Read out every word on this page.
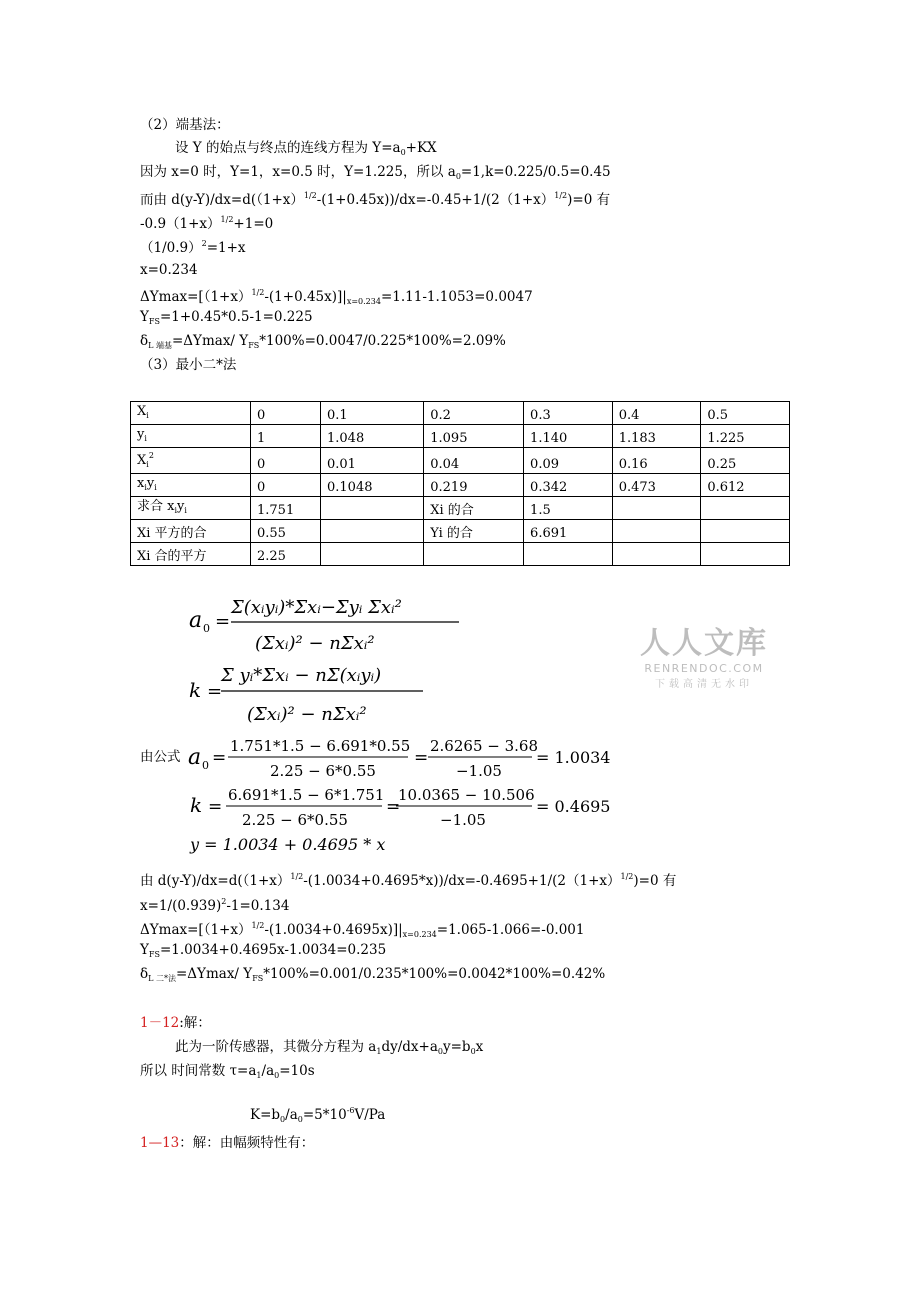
（2）端基法：
设 Y 的始点与终点的连线方程为 $Y=a_0+KX$
因为 x=0 时，Y=1，x=0.5 时，Y=1.225，所以 $a_0=1,k=0.225/0.5=0.45$
而由 $d(y-Y)/dx=d((1+x)^{1/2}-(1+0.45x))/dx=-0.45+1/(2(1+x)^{1/2})=0$ 有
$-0.9(1+x)^{1/2}+1=0$
$(1/0.9)^2=1+x$
x=0.234
$\Delta Ymax=[(1+x)^{1/2}-(1+0.45x)]|_{x=0.234}=1.11-1.1053=0.0047$
$Y_{FS}=1+0.45*0.5-1=0.225$
$\delta_{L 端基}=\Delta Ymax/$ $Y_{FS}*100\%=0.0047/0.225*100\%=2.09\%$
（3）最小二*法
$X_i$	0	0.1	0.2	0.3	0.4	0.5
$y_i$	1	1.048	1.095	1.140	1.183	1.225
$X_i^2$	0	0.01	0.04	0.09	0.16	0.25
$x_iy_i$	0	0.1048	0.219	0.342	0.473	0.612
求合 $x_iy_i$	1.751		Xi 的合	1.5		
Xi 平方的合	0.55		Yi 的合	6.691		
Xi 合的平方	2.25					
a 0 =
Σ(xᵢyᵢ)*Σxᵢ−Σyᵢ Σxᵢ²
(Σxᵢ)² − nΣxᵢ²
k =
Σ yᵢ*Σxᵢ − nΣ(xᵢyᵢ)
(Σxᵢ)² − nΣxᵢ²
由公式 a 0 =
1.751*1.5 − 6.691*0.55
2.25 − 6*0.55
=
2.6265 − 3.68
−1.05
= 1.0034
k =
6.691*1.5 − 6*1.751
2.25 − 6*0.55
=
10.0365 − 10.506
−1.05
= 0.4695
y = 1.0034 + 0.4695 * x
由 $d(y-Y)/dx=d((1+x)^{1/2}-(1.0034+0.4695*x))/dx=-0.4695+1/(2(1+x)^{1/2})=0$ 有
$x=1/(0.939)^2-1=0.134$
$\Delta Ymax=[(1+x)^{1/2}-(1.0034+0.4695x)]|_{x=0.234}=1.065-1.066=-0.001$
$Y_{FS}=1.0034+0.4695x-1.0034=0.235$
$\delta_{L 二*法}=\Delta Ymax/$ $Y_{FS}*100\%=0.001/0.235*100\%=0.0042*100\%=0.42\%$
1－12:解：
此为一阶传感器，其微分方程为 $a_1dy/dx+a_0y=b_0x$
所以 时间常数 $\tau=a_1/a_0=10s$
$K=b_0/a_0=5*10^{-6}V/Pa$
1—13：解：由幅频特性有：
人人文库
RENRENDOC.COM
下载高清无水印
